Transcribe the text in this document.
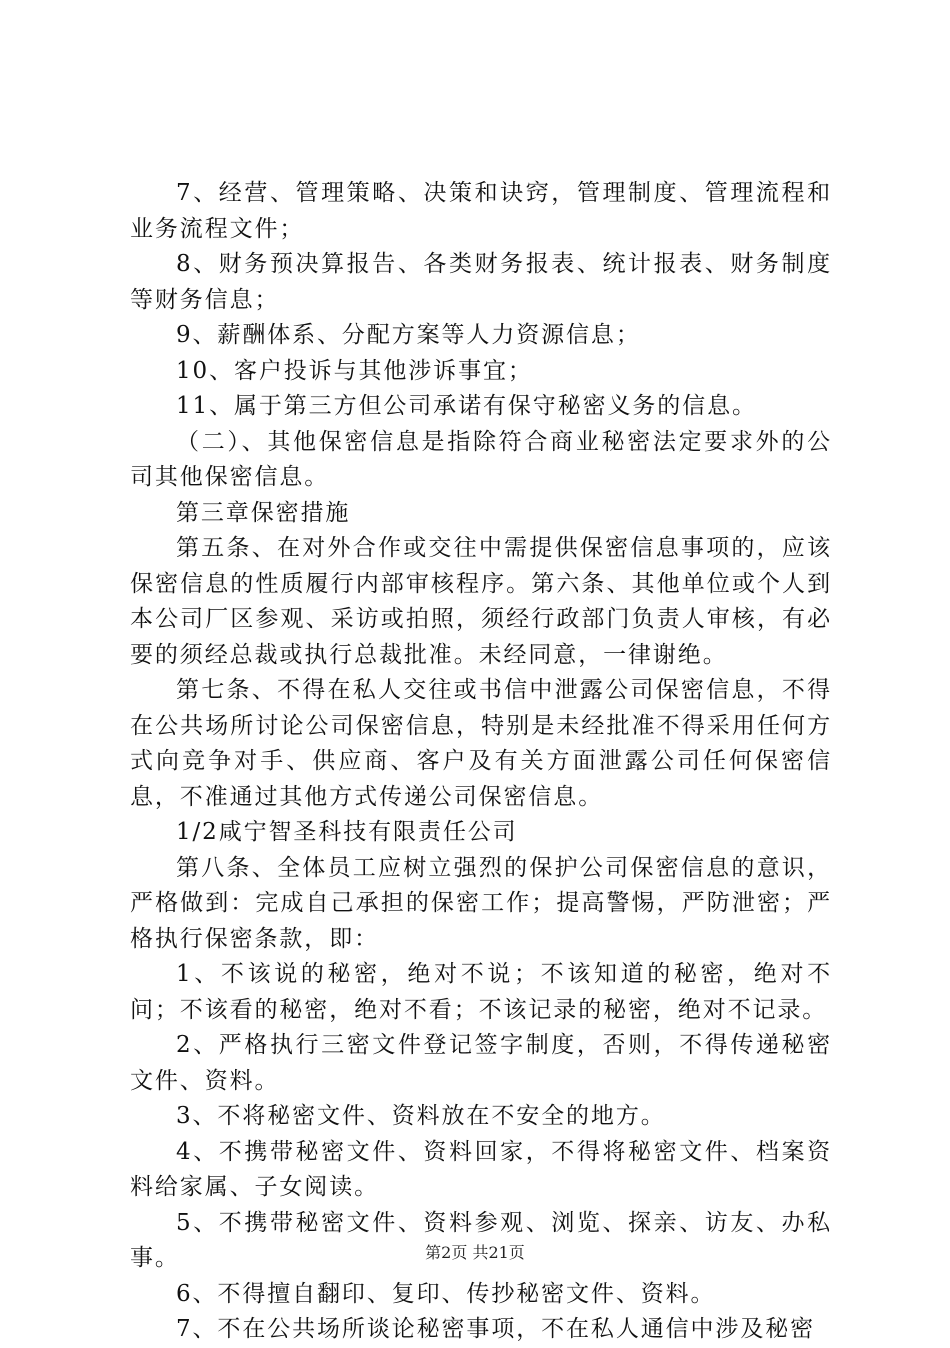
7、经营、管理策略、决策和诀窍，管理制度、管理流程和业务流程文件；

8、财务预决算报告、各类财务报表、统计报表、财务制度等财务信息；

9、薪酬体系、分配方案等人力资源信息；

10、客户投诉与其他涉诉事宜；

11、属于第三方但公司承诺有保守秘密义务的信息。

（二）、其他保密信息是指除符合商业秘密法定要求外的公司其他保密信息。

第三章保密措施

第五条、在对外合作或交往中需提供保密信息事项的，应该保密信息的性质履行内部审核程序。第六条、其他单位或个人到本公司厂区参观、采访或拍照，须经行政部门负责人审核，有必要的须经总裁或执行总裁批准。未经同意，一律谢绝。

第七条、不得在私人交往或书信中泄露公司保密信息，不得在公共场所讨论公司保密信息，特别是未经批准不得采用任何方式向竞争对手、供应商、客户及有关方面泄露公司任何保密信息，不准通过其他方式传递公司保密信息。

1/2咸宁智圣科技有限责任公司

第八条、全体员工应树立强烈的保护公司保密信息的意识，严格做到：完成自己承担的保密工作；提高警惕，严防泄密；严格执行保密条款，即：

1、不该说的秘密，绝对不说；不该知道的秘密，绝对不问；不该看的秘密，绝对不看；不该记录的秘密，绝对不记录。

2、严格执行三密文件登记签字制度，否则，不得传递秘密文件、资料。

3、不将秘密文件、资料放在不安全的地方。

4、不携带秘密文件、资料回家，不得将秘密文件、档案资料给家属、子女阅读。

5、不携带秘密文件、资料参观、浏览、探亲、访友、办私事。

6、不得擅自翻印、复印、传抄秘密文件、资料。

7、不在公共场所谈论秘密事项，不在私人通信中涉及秘密

第2页 共21页
